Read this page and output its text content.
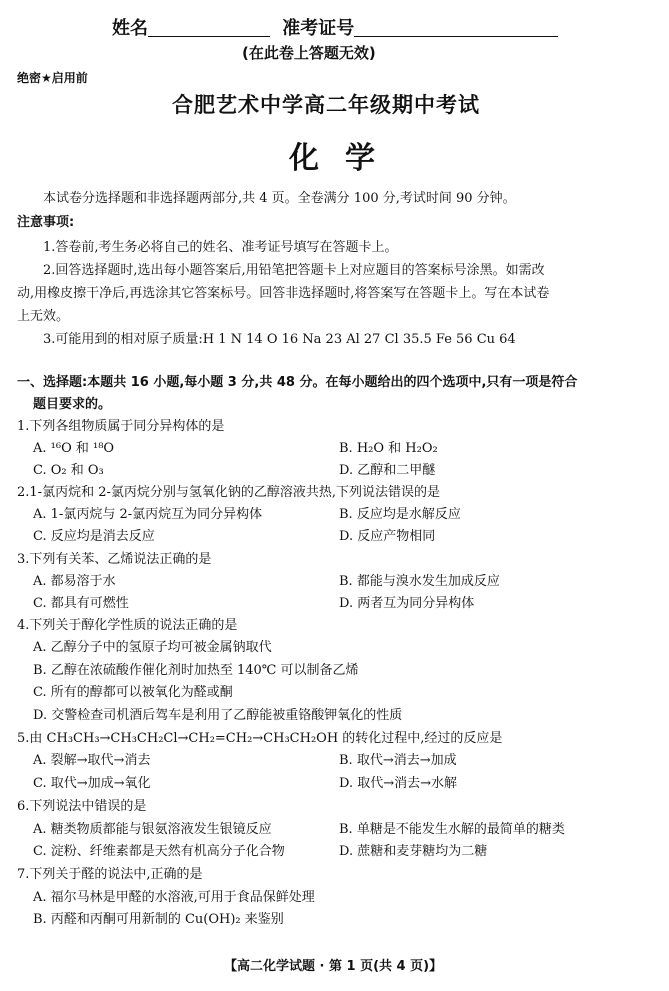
姓名	准考证号
(在此卷上答题无效)
绝密★启用前
合肥艺术中学高二年级期中考试
化学
本试卷分选择题和非选择题两部分,共 4 页。全卷满分 100 分,考试时间 90 分钟。
注意事项:
1.答卷前,考生务必将自己的姓名、准考证号填写在答题卡上。
2.回答选择题时,选出每小题答案后,用铅笔把答题卡上对应题目的答案标号涂黑。如需改
动,用橡皮擦干净后,再选涂其它答案标号。回答非选择题时,将答案写在答题卡上。写在本试卷
上无效。
3.可能用到的相对原子质量:H 1 N 14 O 16 Na 23 Al 27 Cl 35.5 Fe 56 Cu 64
一、选择题:本题共 16 小题,每小题 3 分,共 48 分。在每小题给出的四个选项中,只有一项是符合
题目要求的。
1.下列各组物质属于同分异构体的是
A. ¹⁶O 和 ¹⁸O	B. H₂O 和 H₂O₂
C. O₂ 和 O₃	D. 乙醇和二甲醚
2.1-氯丙烷和 2-氯丙烷分别与氢氧化钠的乙醇溶液共热,下列说法错误的是
A. 1-氯丙烷与 2-氯丙烷互为同分异构体	B. 反应均是水解反应
C. 反应均是消去反应	D. 反应产物相同
3.下列有关苯、乙烯说法正确的是
A. 都易溶于水	B. 都能与溴水发生加成反应
C. 都具有可燃性	D. 两者互为同分异构体
4.下列关于醇化学性质的说法正确的是
A. 乙醇分子中的氢原子均可被金属钠取代
B. 乙醇在浓硫酸作催化剂时加热至 140℃ 可以制备乙烯
C. 所有的醇都可以被氧化为醛或酮
D. 交警检查司机酒后驾车是利用了乙醇能被重铬酸钾氧化的性质
5.由 CH₃CH₃→CH₃CH₂Cl→CH₂=CH₂→CH₃CH₂OH 的转化过程中,经过的反应是
A. 裂解→取代→消去	B. 取代→消去→加成
C. 取代→加成→氧化	D. 取代→消去→水解
6.下列说法中错误的是
A. 糖类物质都能与银氨溶液发生银镜反应	B. 单糖是不能发生水解的最简单的糖类
C. 淀粉、纤维素都是天然有机高分子化合物	D. 蔗糖和麦芽糖均为二糖
7.下列关于醛的说法中,正确的是
A. 福尔马林是甲醛的水溶液,可用于食品保鲜处理
B. 丙醛和丙酮可用新制的 Cu(OH)₂ 来鉴别
【高二化学试题 · 第 1 页(共 4 页)】
